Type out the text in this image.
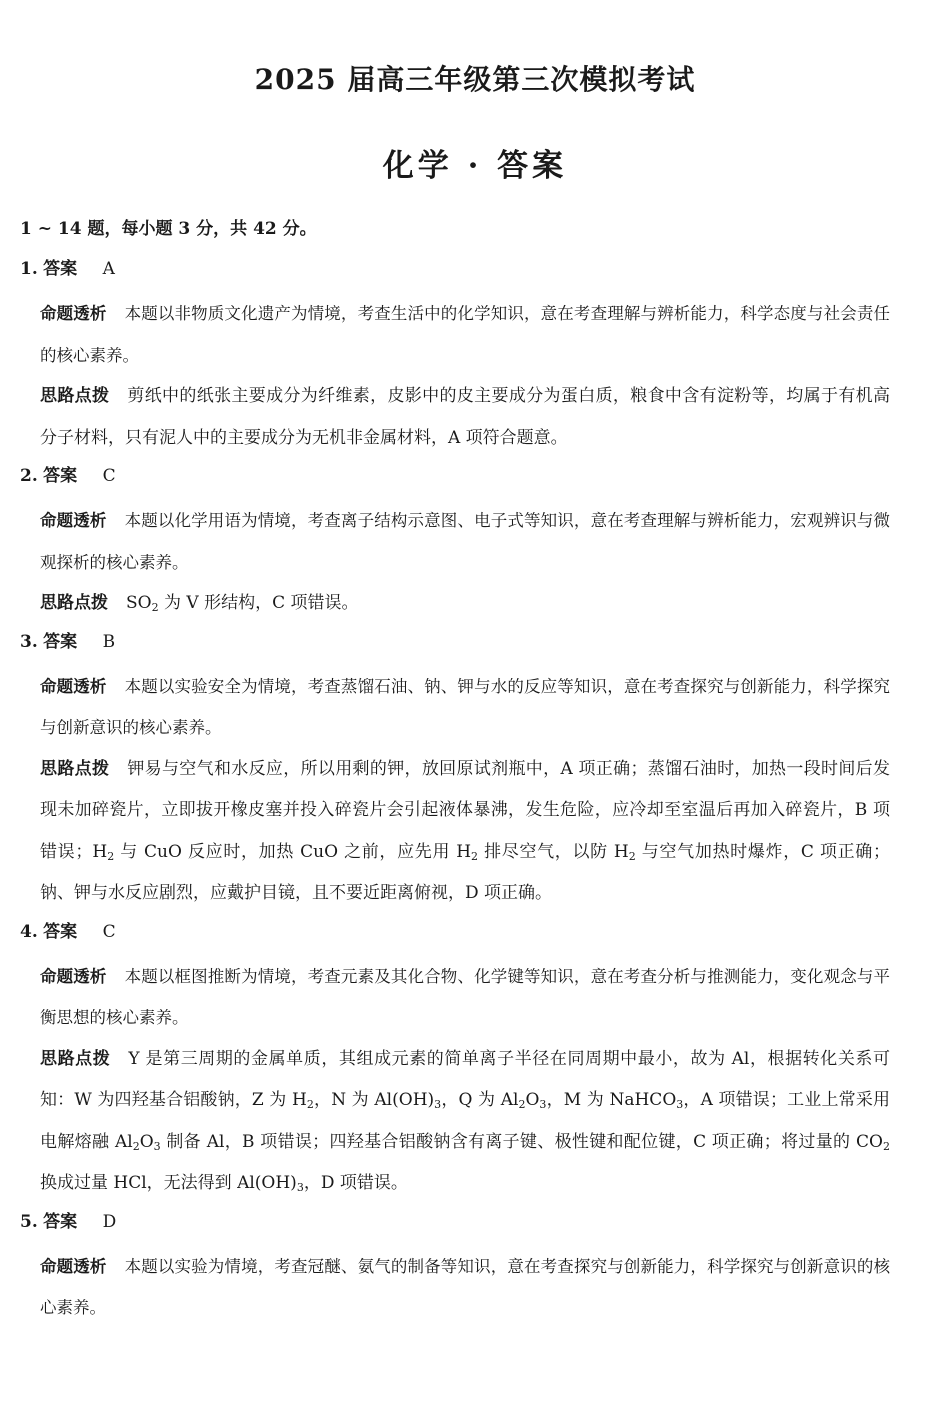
2025 届高三年级第三次模拟考试
化学 · 答案
1 ~ 14 题，每小题 3 分，共 42 分。
1. 答案 A

命题透析 本题以非物质文化遗产为情境，考查生活中的化学知识，意在考查理解与辨析能力，科学态度与社会责任的核心素养。

思路点拨 剪纸中的纸张主要成分为纤维素，皮影中的皮主要成分为蛋白质，粮食中含有淀粉等，均属于有机高分子材料，只有泥人中的主要成分为无机非金属材料，A 项符合题意。

2. 答案 C

命题透析 本题以化学用语为情境，考查离子结构示意图、电子式等知识，意在考查理解与辨析能力，宏观辨识与微观探析的核心素养。

思路点拨 $SO_2$ 为 V 形结构，C 项错误。

3. 答案 B

命题透析 本题以实验安全为情境，考查蒸馏石油、钠、钾与水的反应等知识，意在考查探究与创新能力，科学探究与创新意识的核心素养。

思路点拨 钾易与空气和水反应，所以用剩的钾，放回原试剂瓶中，A 项正确；蒸馏石油时，加热一段时间后发现未加碎瓷片，立即拔开橡皮塞并投入碎瓷片会引起液体暴沸，发生危险，应冷却至室温后再加入碎瓷片，B 项错误；$H_2$ 与 CuO 反应时，加热 CuO 之前，应先用 $H_2$ 排尽空气，以防 $H_2$ 与空气加热时爆炸，C 项正确；钠、钾与水反应剧烈，应戴护目镜，且不要近距离俯视，D 项正确。

4. 答案 C

命题透析 本题以框图推断为情境，考查元素及其化合物、化学键等知识，意在考查分析与推测能力，变化观念与平衡思想的核心素养。

思路点拨 Y 是第三周期的金属单质，其组成元素的简单离子半径在同周期中最小，故为 Al，根据转化关系可知：W 为四羟基合铝酸钠，Z 为 $H_2$，N 为 $Al(OH)_3$，Q 为 $Al_2O_3$，M 为 NaHCO$_3$，A 项错误；工业上常采用电解熔融 $Al_2O_3$ 制备 Al，B 项错误；四羟基合铝酸钠含有离子键、极性键和配位键，C 项正确；将过量的 $CO_2$ 换成过量 HCl，无法得到 $Al(OH)_3$，D 项错误。

5. 答案 D

命题透析 本题以实验为情境，考查冠醚、氨气的制备等知识，意在考查探究与创新能力，科学探究与创新意识的核心素养。
